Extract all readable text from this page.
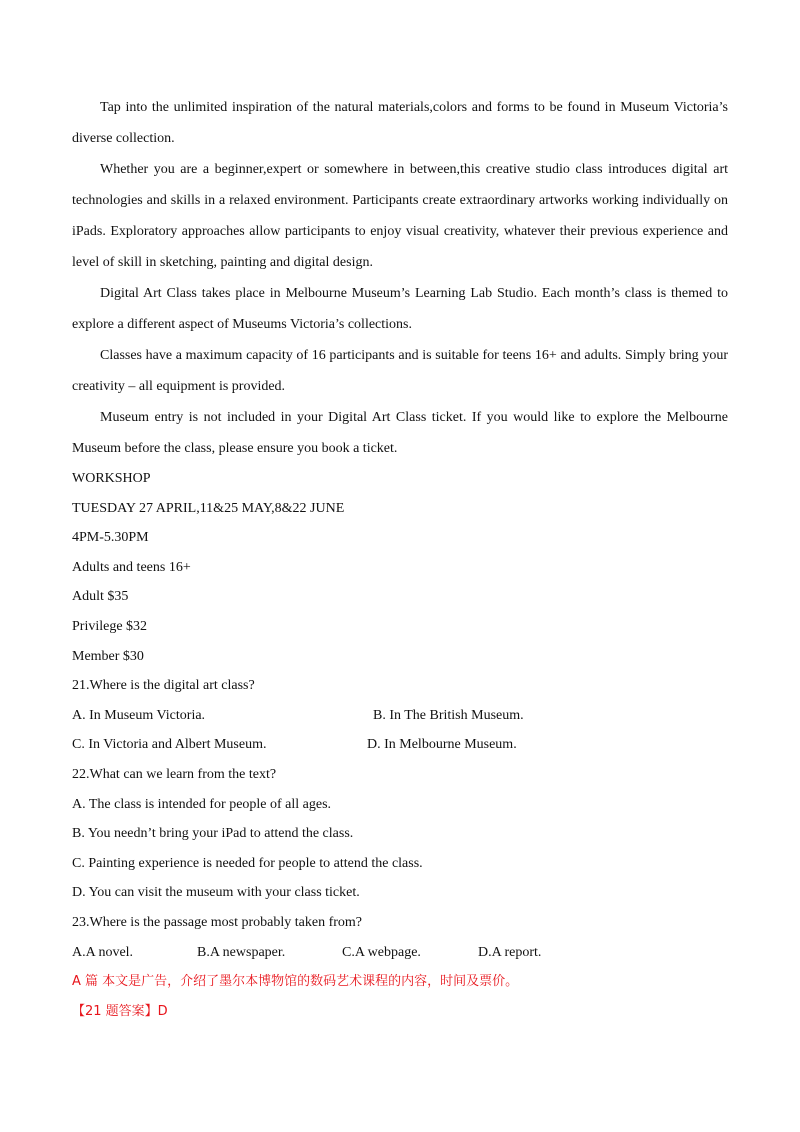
Tap into the unlimited inspiration of the natural materials,colors and forms to be found in Museum Victoria’s diverse collection.

Whether you are a beginner,expert or somewhere in between,this creative studio class introduces digital art technologies and skills in a relaxed environment. Participants create extraordinary artworks working individually on iPads. Exploratory approaches allow participants to enjoy visual creativity, whatever their previous experience and level of skill in sketching, painting and digital design.

Digital Art Class takes place in Melbourne Museum’s Learning Lab Studio. Each month’s class is themed to explore a different aspect of Museums Victoria’s collections.

Classes have a maximum capacity of 16 participants and is suitable for teens 16+ and adults. Simply bring your creativity – all equipment is provided.

Museum entry is not included in your Digital Art Class ticket. If you would like to explore the Melbourne Museum before the class, please ensure you book a ticket.

WORKSHOP
TUESDAY 27 APRIL,11&25 MAY,8&22 JUNE
4PM-5.30PM
Adults and teens 16+
Adult $35
Privilege $32
Member $30
21.Where is the digital art class?
A. In Museum Victoria.	B. In The British Museum.
C. In Victoria and Albert Museum.	D. In Melbourne Museum.
22.What can we learn from the text?
A. The class is intended for people of all ages.
B. You needn’t bring your iPad to attend the class.
C. Painting experience is needed for people to attend the class.
D. You can visit the museum with your class ticket.
23.Where is the passage most probably taken from?
A.A novel.	B.A newspaper.	C.A webpage.	D.A report.
A 篇 本文是广告，介绍了墨尔本博物馆的数码艺术课程的内容，时间及票价。
【21 题答案】D
